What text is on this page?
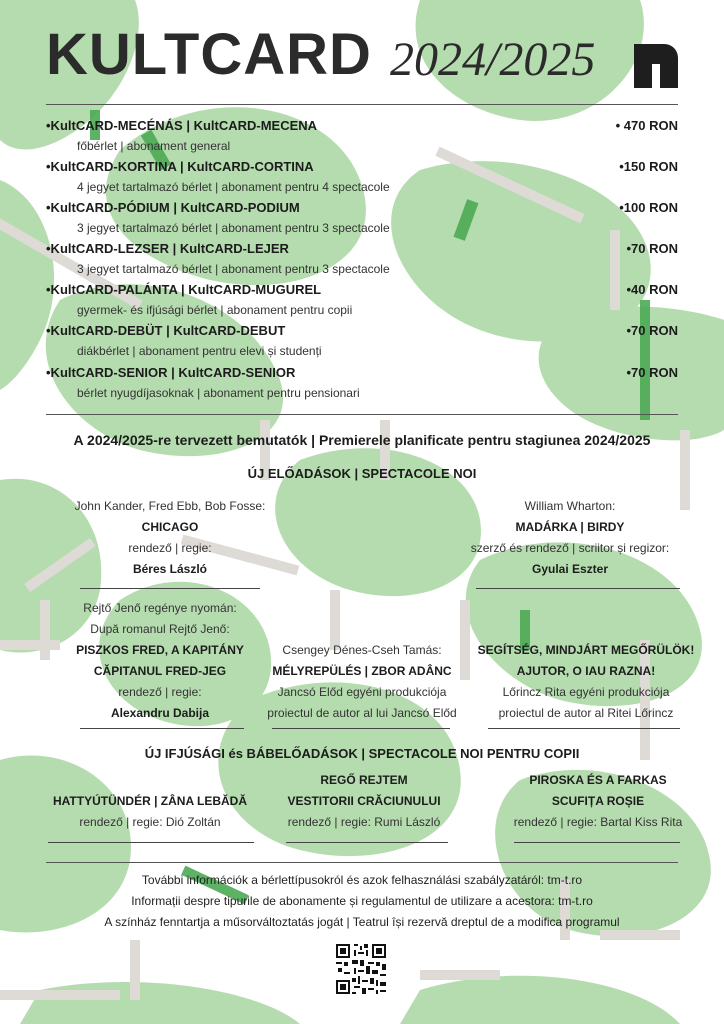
KULTCARD 2024/2025
•KultCARD-MECÉNÁS | KultCARD-MECENA	• 470 RON
főbérlet | abonament general
•KultCARD-KORTINA | KultCARD-CORTINA	•150 RON
4 jegyet tartalmazó bérlet | abonament pentru 4 spectacole
•KultCARD-PÓDIUM | KultCARD-PODIUM	•100 RON
3 jegyet tartalmazó bérlet | abonament pentru 3 spectacole
•KultCARD-LEZSER | KultCARD-LEJER	•70 RON
3 jegyet tartalmazó bérlet | abonament pentru 3 spectacole
•KultCARD-PALÁNTA | KultCARD-MUGUREL	•40 RON
gyermek- és ifjúsági bérlet | abonament pentru copii
•KultCARD-DEBÜT | KultCARD-DEBUT	•70 RON
diákbérlet | abonament pentru elevi și studenți
•KultCARD-SENIOR | KultCARD-SENIOR	•70 RON
bérlet nyugdíjasoknak | abonament pentru pensionari
A 2024/2025-re tervezett bemutatók | Premierele planificate pentru stagiunea 2024/2025
ÚJ ELŐADÁSOK | SPECTACOLE NOI
John Kander, Fred Ebb, Bob Fosse:
CHICAGO
rendező | regie:
Béres László
William Wharton:
MADÁRKA | BIRDY
szerző és rendező | scriitor și regizor:
Gyulai Eszter
Rejtő Jenő regénye nyomán:
După romanul Rejtő Jenő:
PISZKOS FRED, A KAPITÁNY
CĂPITANUL FRED-JEG
rendező | regie:
Alexandru Dabija
Csengey Dénes-Cseh Tamás:
MÉLYREPÜLÉS | ZBOR ADÂNC
Jancsó Előd egyéni produkciója
proiectul de autor al lui Jancsó Előd
SEGÍTSÉG, MINDJÁRT MEGŐRÜLÖK!
AJUTOR, O IAU RAZNA!
Lőrincz Rita egyéni produkciója
proiectul de autor al Ritei Lőrincz
ÚJ IFJÚSÁGI és BÁBELŐADÁSOK | SPECTACOLE NOI PENTRU COPII
HATTYÚTÜNDÉR | ZÂNA LEBĂDĂ
rendező | regie: Dió Zoltán
REGŐ REJTEM
VESTITORII CRĂCIUNULUI
rendező | regie: Rumi László
PIROSKA ÉS A FARKAS
SCUFIȚA ROȘIE
rendező | regie: Bartal Kiss Rita
További információk a bérlettípusokról és azok felhasználási szabályzatáról: tm-t.ro
Informații despre tipurile de abonamente și regulamentul de utilizare a acestora: tm-t.ro
A színház fenntartja a műsorváltoztatás jogát | Teatrul își rezervă dreptul de a modifica programul
